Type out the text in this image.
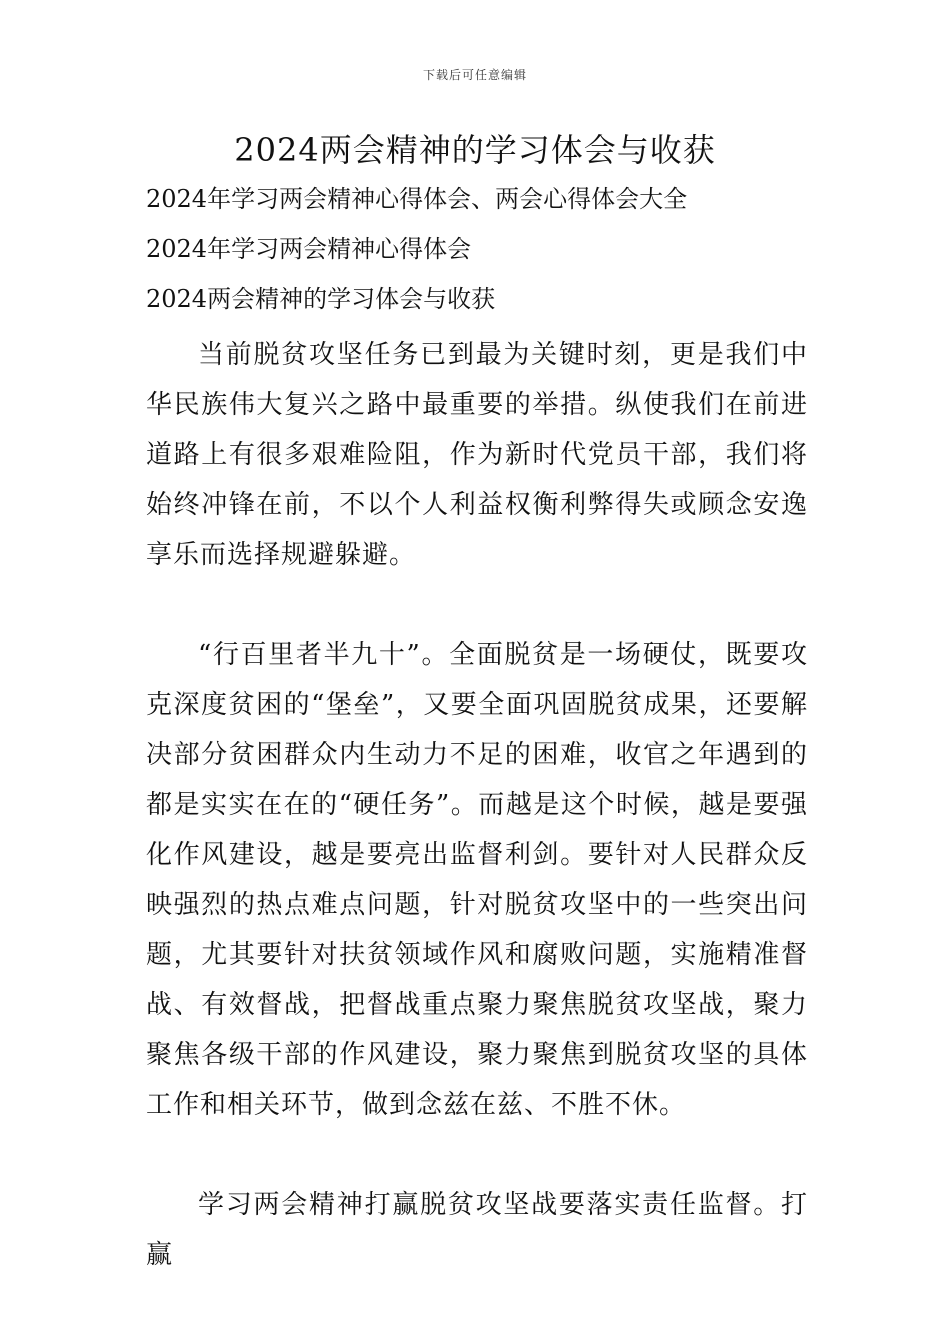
下载后可任意编辑
2024两会精神的学习体会与收获
2024年学习两会精神心得体会、两会心得体会大全
2024年学习两会精神心得体会
2024两会精神的学习体会与收获

当前脱贫攻坚任务已到最为关键时刻，更是我们中华民族伟大复兴之路中最重要的举措。纵使我们在前进道路上有很多艰难险阻，作为新时代党员干部，我们将始终冲锋在前，不以个人利益权衡利弊得失或顾念安逸享乐而选择规避躲避。

“行百里者半九十”。全面脱贫是一场硬仗，既要攻克深度贫困的“堡垒”，又要全面巩固脱贫成果，还要解决部分贫困群众内生动力不足的困难，收官之年遇到的都是实实在在的“硬任务”。而越是这个时候，越是要强化作风建设，越是要亮出监督利剑。要针对人民群众反映强烈的热点难点问题，针对脱贫攻坚中的一些突出问题，尤其要针对扶贫领域作风和腐败问题，实施精准督战、有效督战，把督战重点聚力聚焦脱贫攻坚战，聚力聚焦各级干部的作风建设，聚力聚焦到脱贫攻坚的具体工作和相关环节，做到念兹在兹、不胜不休。

学习两会精神打赢脱贫攻坚战要落实责任监督。打赢
